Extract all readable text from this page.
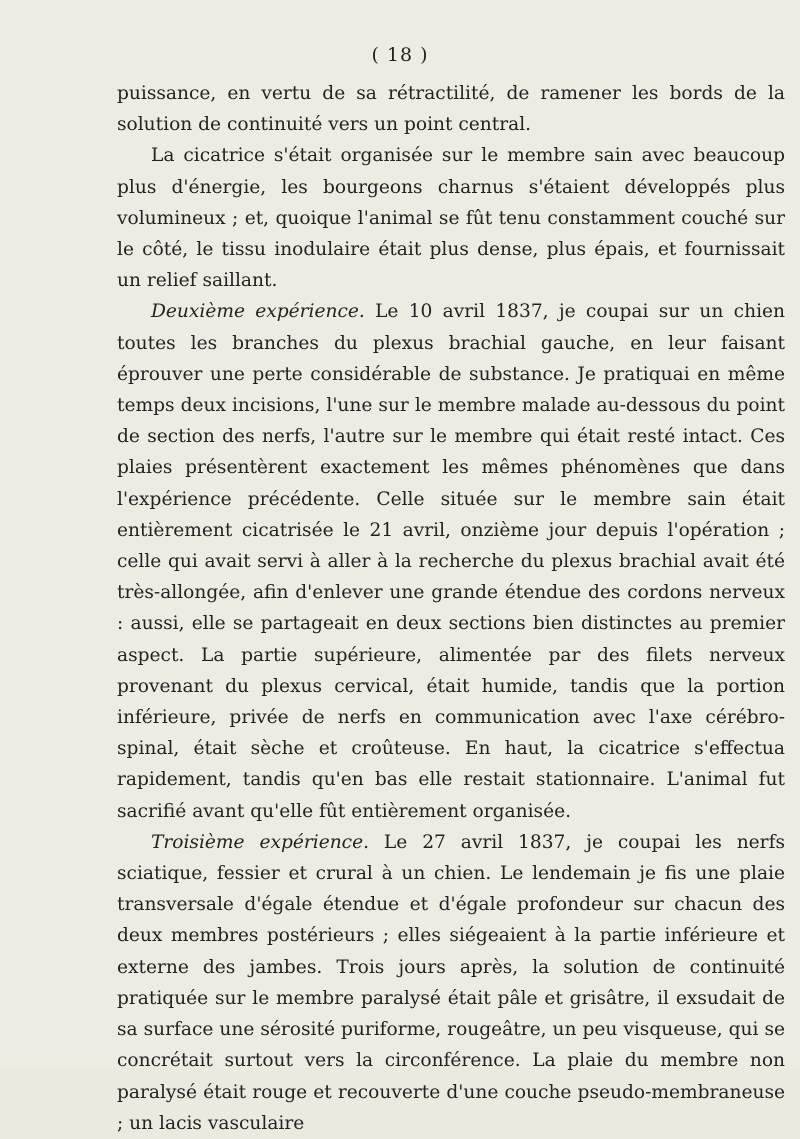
( 18 )

puissance, en vertu de sa rétractilité, de ramener les bords de la solution de continuité vers un point central.

La cicatrice s'était organisée sur le membre sain avec beaucoup plus d'énergie, les bourgeons charnus s'étaient développés plus volumineux ; et, quoique l'animal se fût tenu constamment couché sur le côté, le tissu inodulaire était plus dense, plus épais, et fournissait un relief saillant.

Deuxième expérience. Le 10 avril 1837, je coupai sur un chien toutes les branches du plexus brachial gauche, en leur faisant éprouver une perte considérable de substance. Je pratiquai en même temps deux incisions, l'une sur le membre malade au-dessous du point de section des nerfs, l'autre sur le membre qui était resté intact. Ces plaies présentèrent exactement les mêmes phénomènes que dans l'expérience précédente. Celle située sur le membre sain était entièrement cicatrisée le 21 avril, onzième jour depuis l'opération ; celle qui avait servi à aller à la recherche du plexus brachial avait été très-allongée, afin d'enlever une grande étendue des cordons nerveux : aussi, elle se partageait en deux sections bien distinctes au premier aspect. La partie supérieure, alimentée par des filets nerveux provenant du plexus cervical, était humide, tandis que la portion inférieure, privée de nerfs en communication avec l'axe cérébro-spinal, était sèche et croûteuse. En haut, la cicatrice s'effectua rapidement, tandis qu'en bas elle restait stationnaire. L'animal fut sacrifié avant qu'elle fût entièrement organisée.

Troisième expérience. Le 27 avril 1837, je coupai les nerfs sciatique, fessier et crural à un chien. Le lendemain je fis une plaie transversale d'égale étendue et d'égale profondeur sur chacun des deux membres postérieurs ; elles siégeaient à la partie inférieure et externe des jambes. Trois jours après, la solution de continuité pratiquée sur le membre paralysé était pâle et grisâtre, il exsudait de sa surface une sérosité puriforme, rougeâtre, un peu visqueuse, qui se concrétait surtout vers la circonférence. La plaie du membre non paralysé était rouge et recouverte d'une couche pseudo-membraneuse ; un lacis vasculaire
